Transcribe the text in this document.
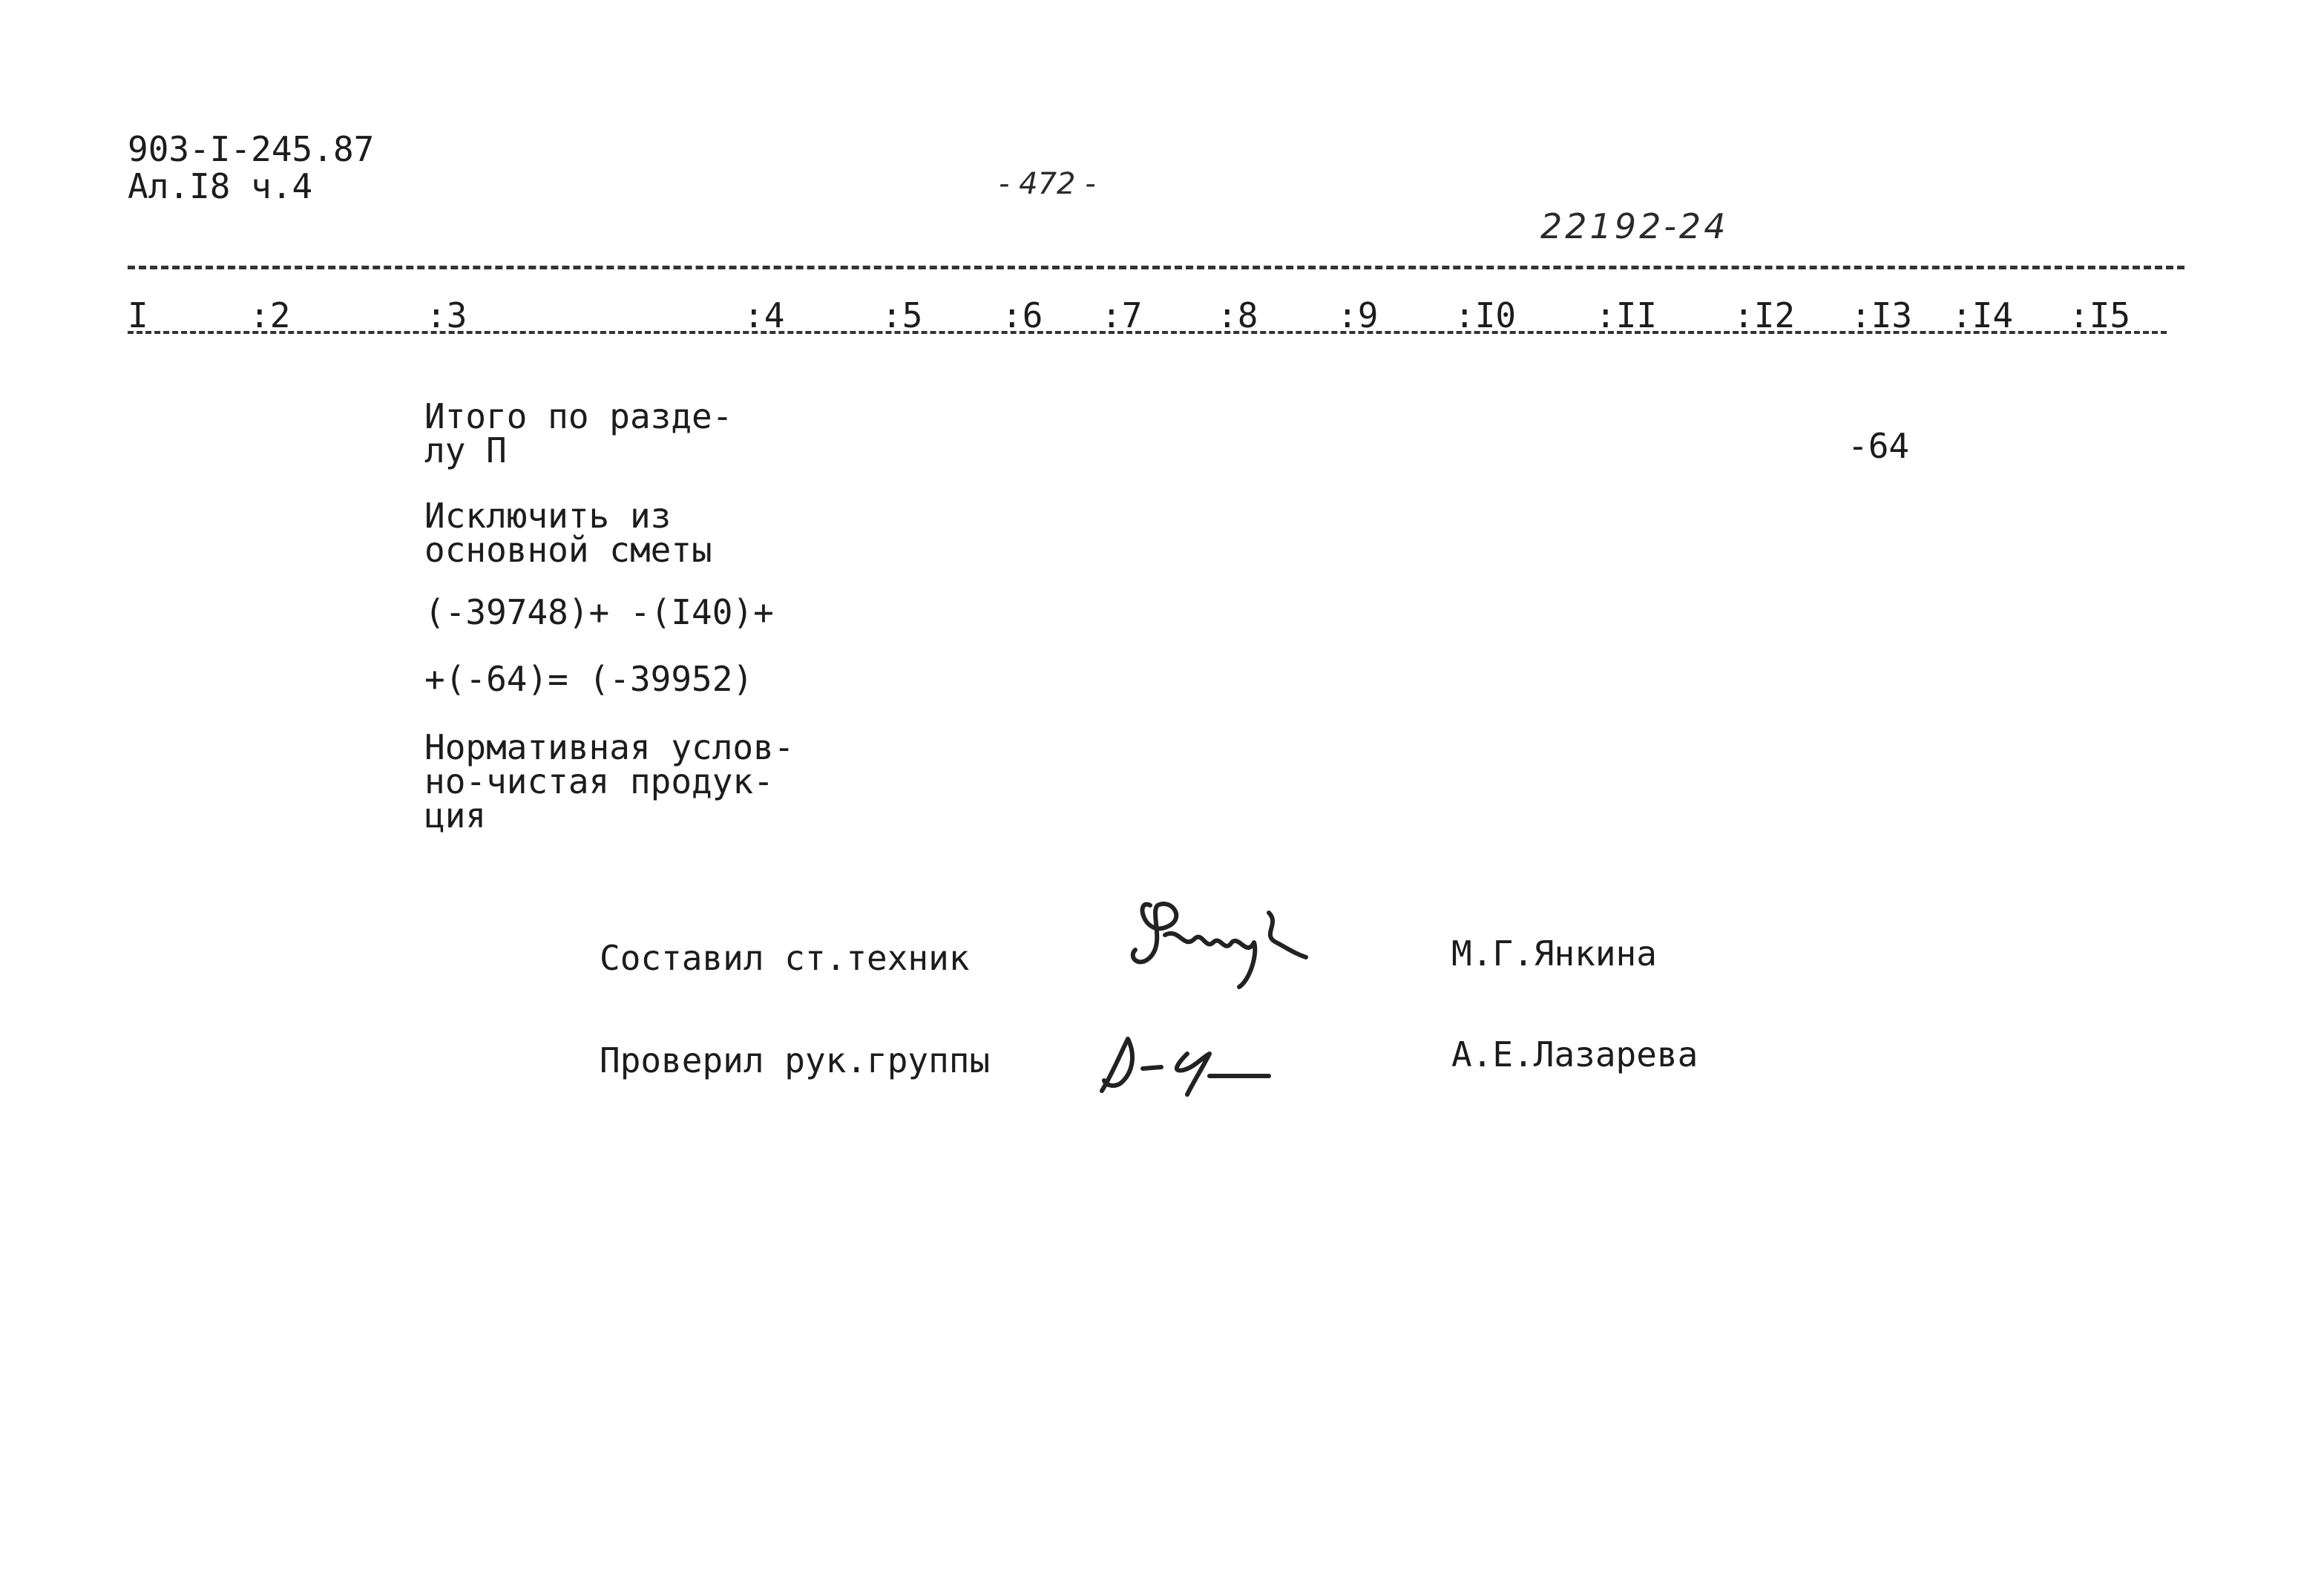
903-I-245.87
Ал.I8 ч.4	- 472 -
22192-24
I	:2	:3	:4	:5 :6 :7 :8 :9 :I0 :II :I2 :I3 :I4 :I5
Итого по разде-
лу П	-64
Исключить из
основной сметы
(-39748)+ -(I40)+
+(-64)= (-39952)
Нормативная услов-
но-чистая продук-
ция
Составил ст.техник	М.Г.Янкина
Проверил рук.группы	А.Е.Лазарева
